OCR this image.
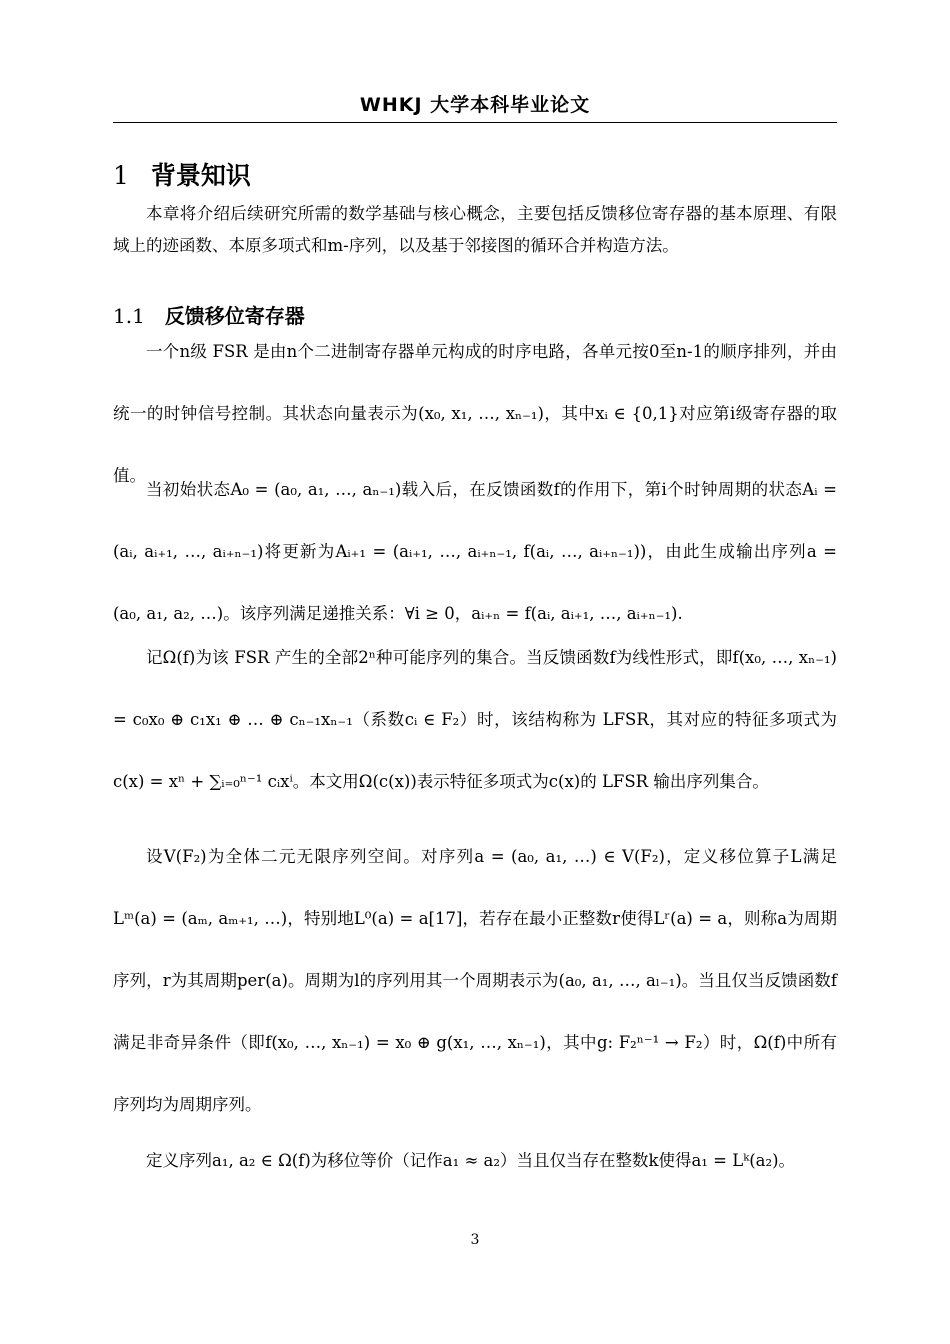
WHKJ 大学本科毕业论文
1 背景知识
本章将介绍后续研究所需的数学基础与核心概念，主要包括反馈移位寄存器的基本原理、有限域上的迹函数、本原多项式和m-序列，以及基于邻接图的循环合并构造方法。
1.1 反馈移位寄存器
一个n级 FSR 是由n个二进制寄存器单元构成的时序电路，各单元按0至n-1的顺序排列，并由统一的时钟信号控制。其状态向量表示为(x₀, x₁, …, xₙ₋₁)，其中xᵢ ∈ {0,1}对应第i级寄存器的取值。
当初始状态A₀ = (a₀, a₁, …, aₙ₋₁)载入后，在反馈函数f的作用下，第i个时钟周期的状态Aᵢ = (aᵢ, aᵢ₊₁, …, aᵢ₊ₙ₋₁)将更新为Aᵢ₊₁ = (aᵢ₊₁, …, aᵢ₊ₙ₋₁, f(aᵢ, …, aᵢ₊ₙ₋₁))，由此生成输出序列a = (a₀, a₁, a₂, …)。该序列满足递推关系：∀i ≥ 0，aᵢ₊ₙ = f(aᵢ, aᵢ₊₁, …, aᵢ₊ₙ₋₁).
记Ω(f)为该 FSR 产生的全部2ⁿ种可能序列的集合。当反馈函数f为线性形式，即f(x₀, …, xₙ₋₁) = c₀x₀ ⊕ c₁x₁ ⊕ … ⊕ cₙ₋₁xₙ₋₁（系数cᵢ ∈ F₂）时，该结构称为 LFSR，其对应的特征多项式为c(x) = xⁿ + ∑ᵢ₌₀ⁿ⁻¹ cᵢxⁱ。本文用Ω(c(x))表示特征多项式为c(x)的 LFSR 输出序列集合。
设V(F₂)为全体二元无限序列空间。对序列a = (a₀, a₁, …) ∈ V(F₂)，定义移位算子L满足Lᵐ(a) = (aₘ, aₘ₊₁, …)，特别地L⁰(a) = a[17]，若存在最小正整数r使得Lʳ(a) = a，则称a为周期序列，r为其周期per(a)。周期为l的序列用其一个周期表示为(a₀, a₁, …, aₗ₋₁)。当且仅当反馈函数f满足非奇异条件（即f(x₀, …, xₙ₋₁) = x₀ ⊕ g(x₁, …, xₙ₋₁)，其中g: F₂ⁿ⁻¹ → F₂）时，Ω(f)中所有序列均为周期序列。
定义序列a₁, a₂ ∈ Ω(f)为移位等价（记作a₁ ≈ a₂）当且仅当存在整数k使得a₁ = Lᵏ(a₂)。
3
